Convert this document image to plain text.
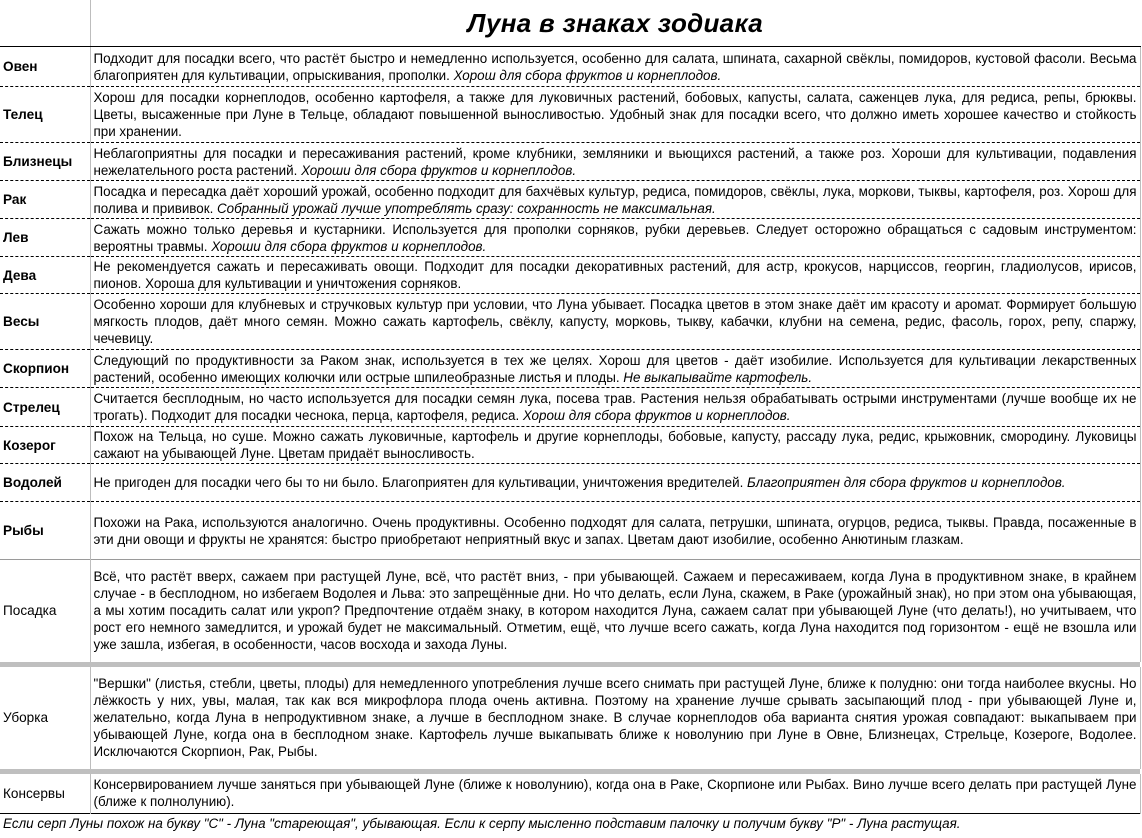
	Луна в знаках зодиака
Овен	Подходит для посадки всего, что растёт быстро и немедленно используется, особенно для салата, шпината, сахарной свёклы, помидоров, кустовой фасоли. Весьма благоприятен для культивации, опрыскивания, прополки. Хорош для сбора фруктов и корнеплодов.
Телец	Хорош для посадки корнеплодов, особенно картофеля, а также для луковичных растений, бобовых, капусты, салата, саженцев лука, для редиса, репы, брюквы. Цветы, высаженные при Луне в Тельце, обладают повышенной выносливостью. Удобный знак для посадки всего, что должно иметь хорошее качество и стойкость при хранении.
Близнецы	Неблагоприятны для посадки и пересаживания растений, кроме клубники, земляники и вьющихся растений, а также роз. Хороши для культивации, подавления нежелательного роста растений. Хороши для сбора фруктов и корнеплодов.
Рак	Посадка и пересадка даёт хороший урожай, особенно подходит для бахчёвых культур, редиса, помидоров, свёклы, лука, моркови, тыквы, картофеля, роз. Хорош для полива и прививок. Собранный урожай лучше употреблять сразу: сохранность не максимальная.
Лев	Сажать можно только деревья и кустарники. Используется для прополки сорняков, рубки деревьев. Следует осторожно обращаться с садовым инструментом: вероятны травмы. Хороши для сбора фруктов и корнеплодов.
Дева	Не рекомендуется сажать и пересаживать овощи. Подходит для посадки декоративных растений, для астр, крокусов, нарциссов, георгин, гладиолусов, ирисов, пионов. Хороша для культивации и уничтожения сорняков.
Весы	Особенно хороши для клубневых и стручковых культур при условии, что Луна убывает. Посадка цветов в этом знаке даёт им красоту и аромат. Формирует большую мягкость плодов, даёт много семян. Можно сажать картофель, свёклу, капусту, морковь, тыкву, кабачки, клубни на семена, редис, фасоль, горох, репу, спаржу, чечевицу.
Скорпион	Следующий по продуктивности за Раком знак, используется в тех же целях. Хорош для цветов - даёт изобилие. Используется для культивации лекарственных растений, особенно имеющих колючки или острые шпилеобразные листья и плоды. Не выкапывайте картофель.
Стрелец	Считается бесплодным, но часто используется для посадки семян лука, посева трав. Растения нельзя обрабатывать острыми инструментами (лучше вообще их не трогать). Подходит для посадки чеснока, перца, картофеля, редиса. Хорош для сбора фруктов и корнеплодов.
Козерог	Похож на Тельца, но суше. Можно сажать луковичные, картофель и другие корнеплоды, бобовые, капусту, рассаду лука, редис, крыжовник, смородину. Луковицы сажают на убывающей Луне. Цветам придаёт выносливость.
Водолей	Не пригоден для посадки чего бы то ни было. Благоприятен для культивации, уничтожения вредителей. Благоприятен для сбора фруктов и корнеплодов.
Рыбы	Похожи на Рака, используются аналогично. Очень продуктивны. Особенно подходят для салата, петрушки, шпината, огурцов, редиса, тыквы. Правда, посаженные в эти дни овощи и фрукты не хранятся: быстро приобретают неприятный вкус и запах. Цветам дают изобилие, особенно Анютиным глазкам.
Посадка	Всё, что растёт вверх, сажаем при растущей Луне, всё, что растёт вниз, - при убывающей. Сажаем и пересаживаем, когда Луна в продуктивном знаке, в крайнем случае - в бесплодном, но избегаем Водолея и Льва: это запрещённые дни. Но что делать, если Луна, скажем, в Раке (урожайный знак), но при этом она убывающая, а мы хотим посадить салат или укроп? Предпочтение отдаём знаку, в котором находится Луна, сажаем салат при убывающей Луне (что делать!), но учитываем, что рост его немного замедлится, и урожай будет не максимальный. Отметим, ещё, что лучше всего сажать, когда Луна находится под горизонтом - ещё не взошла или уже зашла, избегая, в особенности, часов восхода и захода Луны.

Уборка	"Вершки" (листья, стебли, цветы, плоды) для немедленного употребления лучше всего снимать при растущей Луне, ближе к полудню: они тогда наиболее вкусны. Но лёжкость у них, увы, малая, так как вся микрофлора плода очень активна. Поэтому на хранение лучше срывать засыпающий плод - при убывающей Луне и, желательно, когда Луна в непродуктивном знаке, а лучше в бесплодном знаке. В случае корнеплодов оба варианта снятия урожая совпадают: выкапываем при убывающей Луне, когда она в бесплодном знаке. Картофель лучше выкапывать ближе к новолунию при Луне в Овне, Близнецах, Стрельце, Козероге, Водолее. Исключаются Скорпион, Рак, Рыбы.

Консервы	Консервированием лучше заняться при убывающей Луне (ближе к новолунию), когда она в Раке, Скорпионе или Рыбах. Вино лучше всего делать при растущей Луне (ближе к полнолунию).
Если серп Луны похож на букву "С" - Луна "стареющая", убывающая. Если к серпу мысленно подставим палочку и получим букву "Р" - Луна растущая.	
